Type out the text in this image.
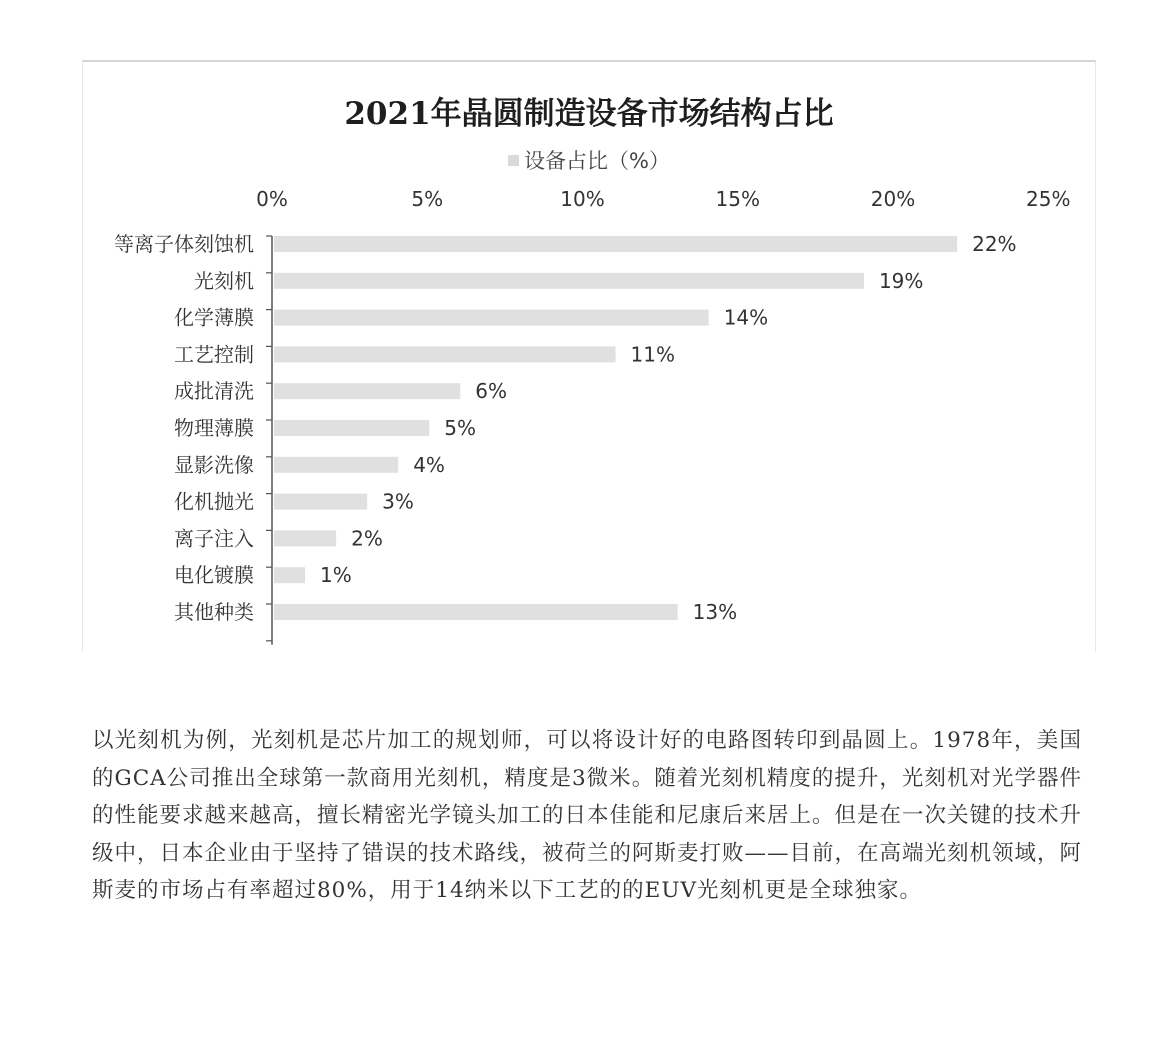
2021年晶圆制造设备市场结构占比
设备占比（%）
0%	5%	10%	15%	20%	25%
等离子体刻蚀机	22%
光刻机	19%
化学薄膜	14%
工艺控制	11%
成批清洗	6%
物理薄膜	5%
显影洗像	4%
化机抛光	3%
离子注入	2%
电化镀膜	1%
其他种类	13%

以光刻机为例，光刻机是芯片加工的规划师，可以将设计好的电路图转印到晶圆上。1978年，美国的GCA公司推出全球第一款商用光刻机，精度是3微米。随着光刻机精度的提升，光刻机对光学器件的性能要求越来越高，擅长精密光学镜头加工的日本佳能和尼康后来居上。但是在一次关键的技术升级中，日本企业由于坚持了错误的技术路线，被荷兰的阿斯麦打败——目前，在高端光刻机领域，阿斯麦的市场占有率超过80%，用于14纳米以下工艺的的EUV光刻机更是全球独家。
